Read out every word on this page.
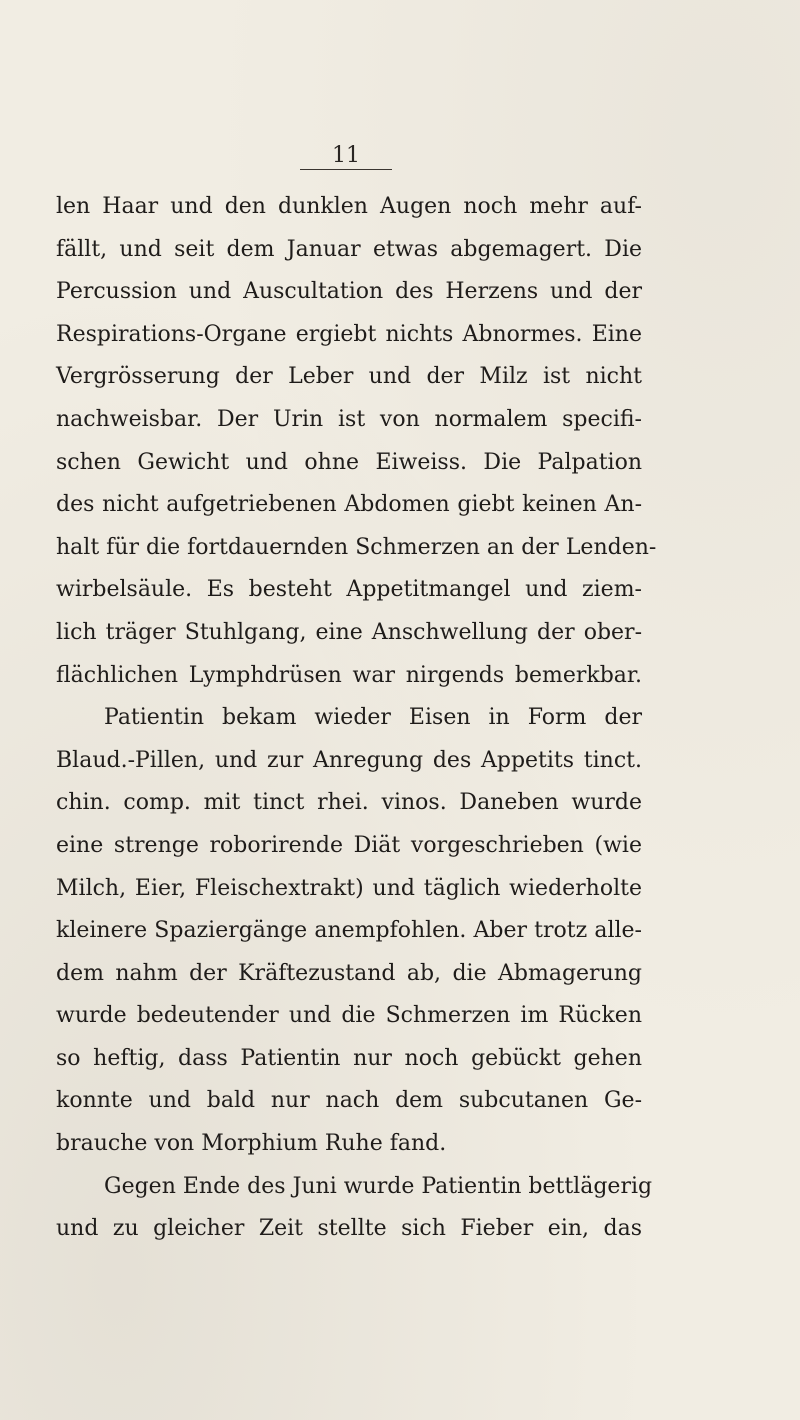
11
len Haar und den dunklen Augen noch mehr auf-
fällt, und seit dem Januar etwas abgemagert. Die
Percussion und Auscultation des Herzens und der
Respirations-Organe ergiebt nichts Abnormes. Eine
Vergrösserung der Leber und der Milz ist nicht
nachweisbar. Der Urin ist von normalem specifi-
schen Gewicht und ohne Eiweiss. Die Palpation
des nicht aufgetriebenen Abdomen giebt keinen An-
halt für die fortdauernden Schmerzen an der Lenden-
wirbelsäule. Es besteht Appetitmangel und ziem-
lich träger Stuhlgang, eine Anschwellung der ober-
flächlichen Lymphdrüsen war nirgends bemerkbar.
Patientin bekam wieder Eisen in Form der
Blaud.-Pillen, und zur Anregung des Appetits tinct.
chin. comp. mit tinct rhei. vinos. Daneben wurde
eine strenge roborirende Diät vorgeschrieben (wie
Milch, Eier, Fleischextrakt) und täglich wiederholte
kleinere Spaziergänge anempfohlen. Aber trotz alle-
dem nahm der Kräftezustand ab, die Abmagerung
wurde bedeutender und die Schmerzen im Rücken
so heftig, dass Patientin nur noch gebückt gehen
konnte und bald nur nach dem subcutanen Ge-
brauche von Morphium Ruhe fand.
Gegen Ende des Juni wurde Patientin bettlägerig
und zu gleicher Zeit stellte sich Fieber ein, das
